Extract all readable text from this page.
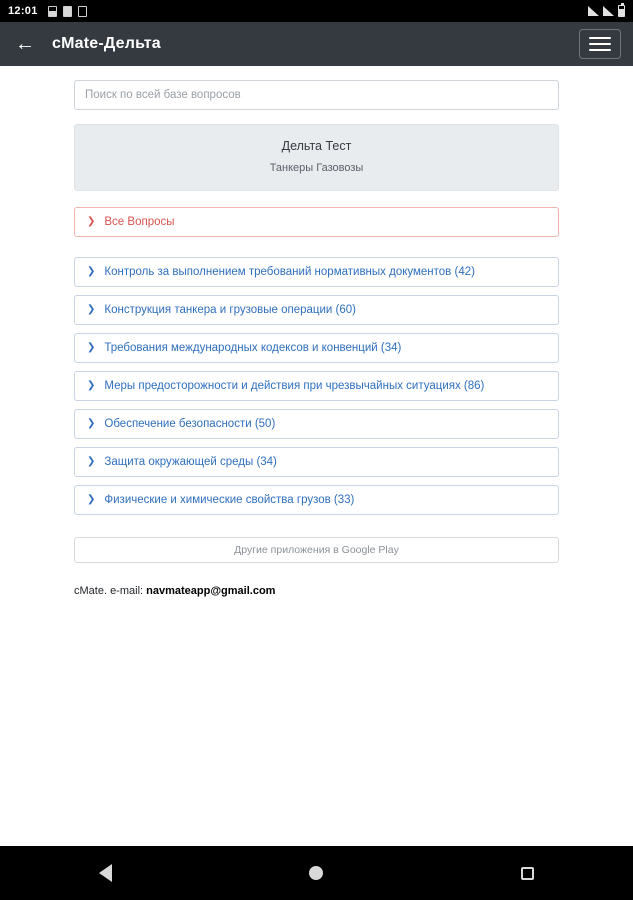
12:01
← cMate-Дельта
Поиск по всей базе вопросов
Дельта Тест
Танкеры Газовозы
❯ Все Вопросы
❯ Контроль за выполнением требований нормативных документов (42)
❯ Конструкция танкера и грузовые операции (60)
❯ Требования международных кодексов и конвенций (34)
❯ Меры предосторожности и действия при чрезвычайных ситуациях (86)
❯ Обеспечение безопасности (50)
❯ Защита окружающей среды (34)
❯ Физические и химические свойства грузов (33)
Другие приложения в Google Play
cMate. e-mail: navmateapp@gmail.com
